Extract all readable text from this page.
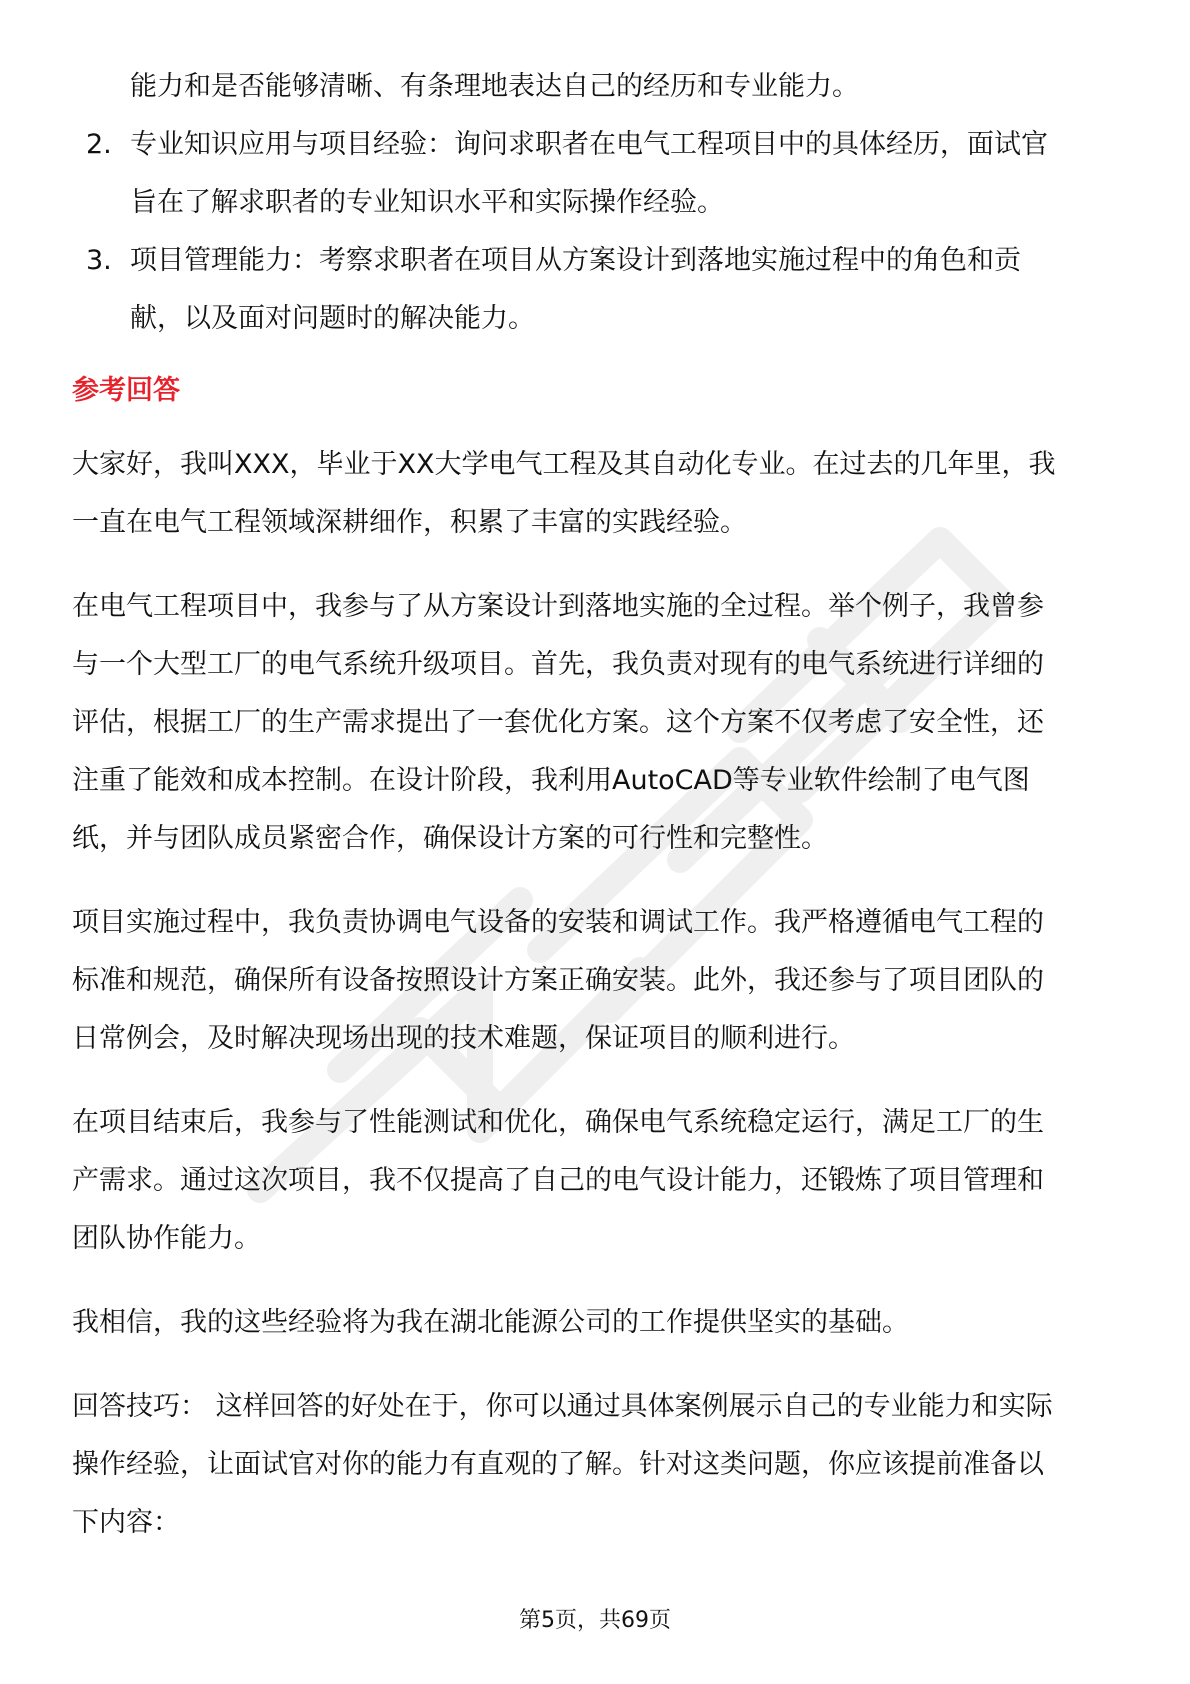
能力和是否能够清晰、有条理地表达自己的经历和专业能力。
2. 专业知识应用与项目经验：询问求职者在电气工程项目中的具体经历，面试官
旨在了解求职者的专业知识水平和实际操作经验。
3. 项目管理能力：考察求职者在项目从方案设计到落地实施过程中的角色和贡
献，以及面对问题时的解决能力。
参考回答
大家好，我叫XXX，毕业于XX大学电气工程及其自动化专业。在过去的几年里，我
一直在电气工程领域深耕细作，积累了丰富的实践经验。
在电气工程项目中，我参与了从方案设计到落地实施的全过程。举个例子，我曾参
与一个大型工厂的电气系统升级项目。首先，我负责对现有的电气系统进行详细的
评估，根据工厂的生产需求提出了一套优化方案。这个方案不仅考虑了安全性，还
注重了能效和成本控制。在设计阶段，我利用AutoCAD等专业软件绘制了电气图
纸，并与团队成员紧密合作，确保设计方案的可行性和完整性。
项目实施过程中，我负责协调电气设备的安装和调试工作。我严格遵循电气工程的
标准和规范，确保所有设备按照设计方案正确安装。此外，我还参与了项目团队的
日常例会，及时解决现场出现的技术难题，保证项目的顺利进行。
在项目结束后，我参与了性能测试和优化，确保电气系统稳定运行，满足工厂的生
产需求。通过这次项目，我不仅提高了自己的电气设计能力，还锻炼了项目管理和
团队协作能力。
我相信，我的这些经验将为我在湖北能源公司的工作提供坚实的基础。
回答技巧： 这样回答的好处在于，你可以通过具体案例展示自己的专业能力和实际
操作经验，让面试官对你的能力有直观的了解。针对这类问题，你应该提前准备以
下内容：
第5页，共69页
